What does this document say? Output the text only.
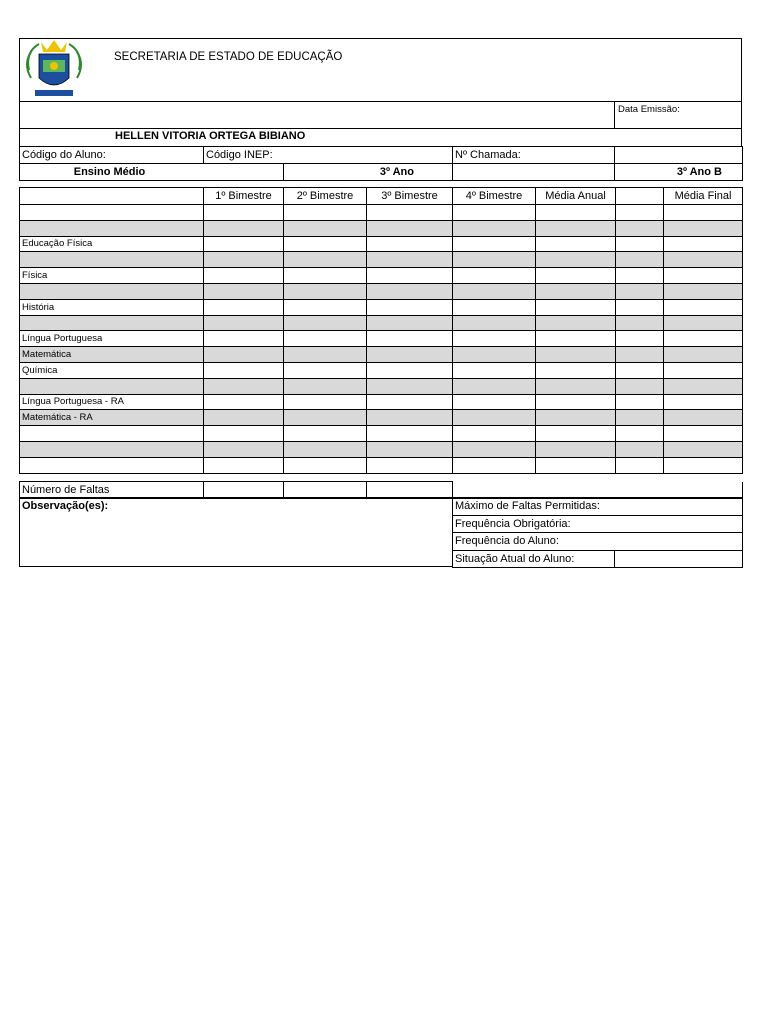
SECRETARIA DE ESTADO DE EDUCAÇÃO
Data Emissão:
HELLEN VITORIA ORTEGA BIBIANO
Código do Aluno:	Código INEP:		Nº Chamada:	
Ensino Médio		3º Ano		3º Ano B
	1º Bimestre	2º Bimestre	3º Bimestre	4º Bimestre	Média Anual		Média Final

Educação Física							

Física							

História							

Língua Portuguesa							
Matemática							
Química							

Língua Portuguesa - RA							
Matemática - RA							

Número de Faltas				
Observação(es):	Máximo de Faltas Permitidas:
Frequência Obrigatória:
Frequência do Aluno:
Situação Atual do Aluno:	
